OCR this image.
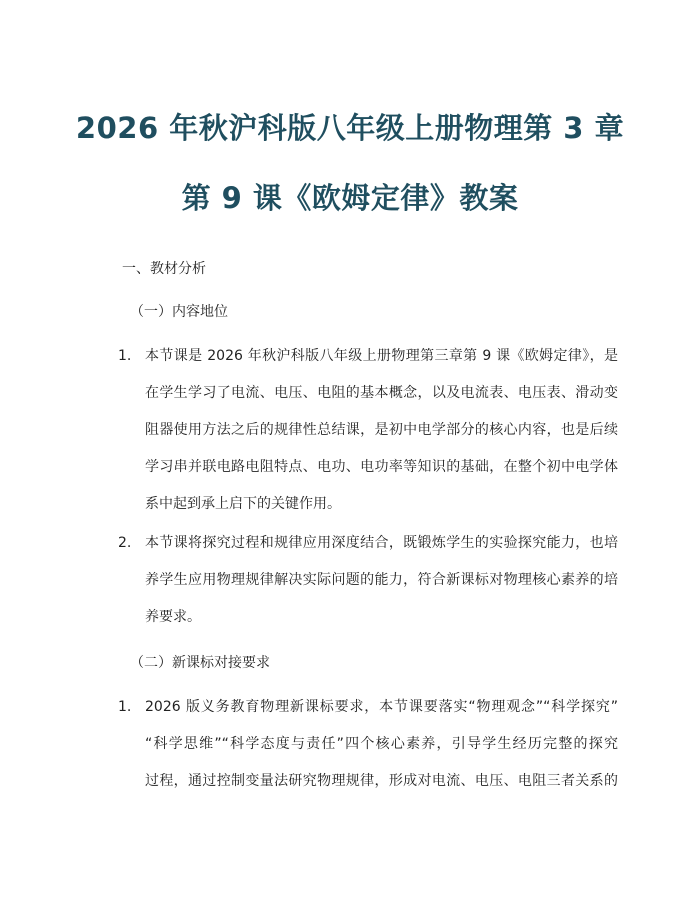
2026 年秋沪科版八年级上册物理第 3 章
第 9 课《欧姆定律》教案
一、教材分析
（一）内容地位
1. 本节课是 2026 年秋沪科版八年级上册物理第三章第 9 课《欧姆定律》，是
在学生学习了电流、电压、电阻的基本概念，以及电流表、电压表、滑动变
阻器使用方法之后的规律性总结课，是初中电学部分的核心内容，也是后续
学习串并联电路电阻特点、电功、电功率等知识的基础，在整个初中电学体
系中起到承上启下的关键作用。
2. 本节课将探究过程和规律应用深度结合，既锻炼学生的实验探究能力，也培
养学生应用物理规律解决实际问题的能力，符合新课标对物理核心素养的培
养要求。
（二）新课标对接要求
1. 2026 版义务教育物理新课标要求，本节课要落实“物理观念”“科学探究”
“科学思维”“科学态度与责任”四个核心素养，引导学生经历完整的探究
过程，通过控制变量法研究物理规律，形成对电流、电压、电阻三者关系的
